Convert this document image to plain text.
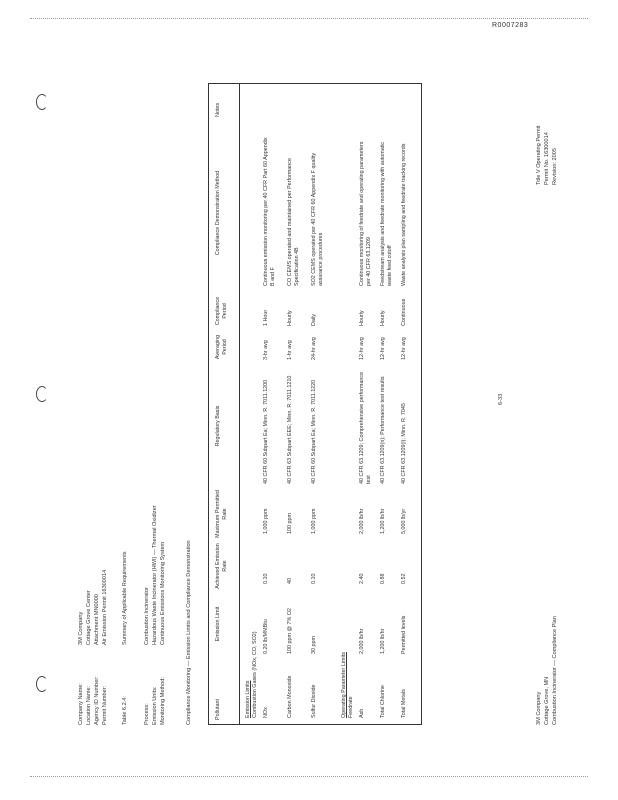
R0007283
Company Name:
3M Company
Location Name:
Cottage Grove Center
Agency ID Number:
Attachment MN0000
Permit Number:
Air Emission Permit 16300014
Table 6.2.4:
Summary of Applicable Requirements
Process:
Combustion Incinerator
Emission Units:
Hazardous Waste Incinerator (HWI) — Thermal Oxidizer
Monitoring Method:
Continuous Emissions Monitoring System	Compliance Monitoring — Emission Limits and Compliance Demonstration	Pollutant
Emission Limit
Achieved Emission Rate
Maximum Permitted Rate
Regulatory Basis
Averaging Period
Compliance Period
Compliance Demonstration Method
Notes
Emission Limits Combustion Gases (NOx, CO, SO2) NOx
0.20 lb/MMBtu
0.10
1,000 ppm
40 CFR 60 Subpart Ea; Minn. R. 7011.1200
3-hr avg
1 Hour
Continuous emission monitoring per 40 CFR Part 60 Appendix B and F
Carbon Monoxide
100 ppm @ 7% O2
40
100 ppm
40 CFR 63 Subpart EEE; Minn. R. 7011.1210
1-hr avg
Hourly
CO CEMS operated and maintained per Performance Specification 4B
Sulfur Dioxide
30 ppm
0.10
1,000 ppm
40 CFR 60 Subpart Ea; Minn. R. 7011.1220
24-hr avg
Daily
SO2 CEMS operated per 40 CFR 60 Appendix F quality assurance procedures
Operating Parameter Limits Feedrate Ash
2,000 lb/hr
2.40
2,000 lb/hr
40 CFR 63.1209; Comprehensive performance test
12-hr avg
Hourly
Continuous monitoring of feedrate and operating parameters per 40 CFR 63.1209
Total Chlorine
1,200 lb/hr
0.88
1,200 lb/hr
40 CFR 63.1209(n); Performance test results
12-hr avg
Hourly
Feedstream analysis and feedrate monitoring with automatic waste feed cutoff
Total Metals
Permitted levels
0.52
5,000 lb/yr
40 CFR 63.1209(l); Minn. R. 7045
12-hr avg
Continuous
Waste analysis plan sampling and feedrate tracking records
6-33
3M Company Cottage Grove, MN Combustion Incinerator — Compliance Plan
Title V Operating Permit Permit No. 16300014 Revision: 2005
